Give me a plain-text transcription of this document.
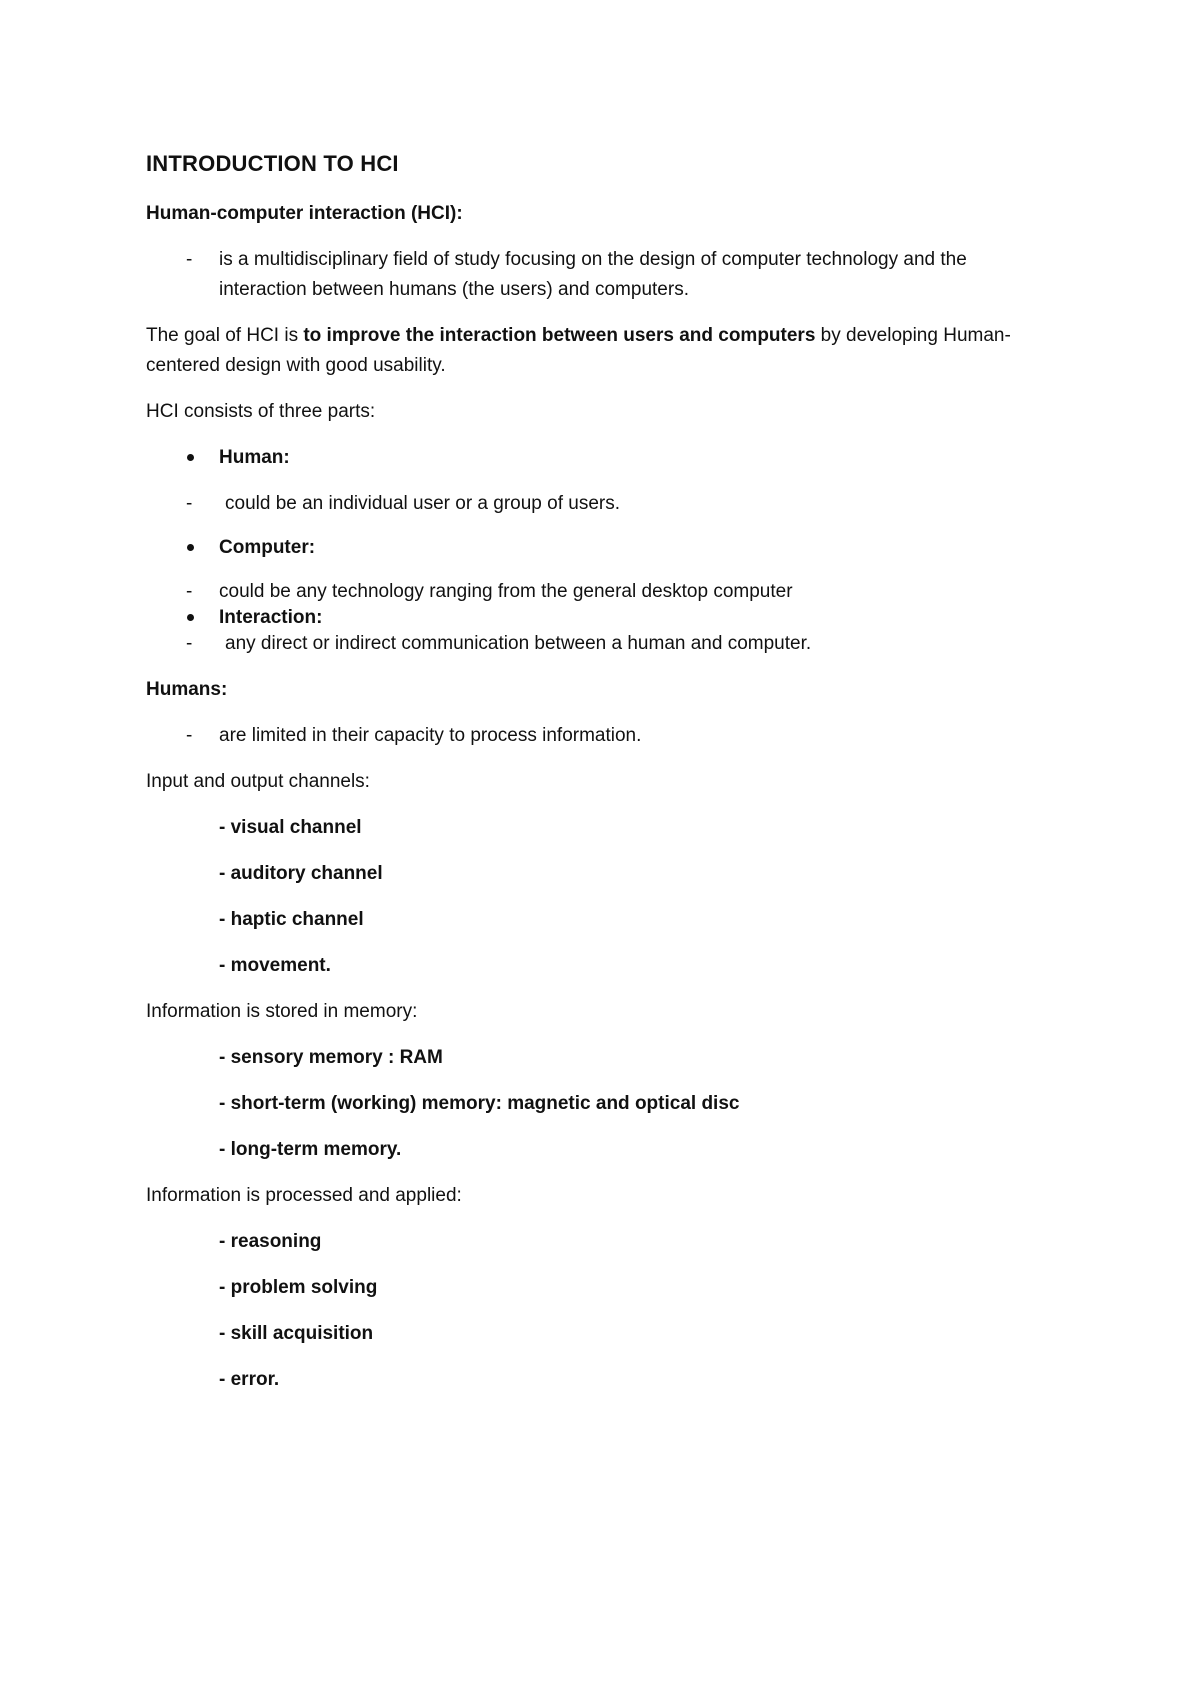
INTRODUCTION TO HCI
Human-computer interaction (HCI):
- is a multidisciplinary field of study focusing on the design of computer technology and the
interaction between humans (the users) and computers.
The goal of HCI is to improve the interaction between users and computers by developing Human-
centered design with good usability.
HCI consists of three parts:
Human:
- could be an individual user or a group of users.
Computer:
- could be any technology ranging from the general desktop computer
Interaction:
- any direct or indirect communication between a human and computer.
Humans:
- are limited in their capacity to process information.
Input and output channels:
- visual channel
- auditory channel
- haptic channel
- movement.
Information is stored in memory:
- sensory memory : RAM
- short-term (working) memory: magnetic and optical disc
- long-term memory.
Information is processed and applied:
- reasoning
- problem solving
- skill acquisition
- error.
